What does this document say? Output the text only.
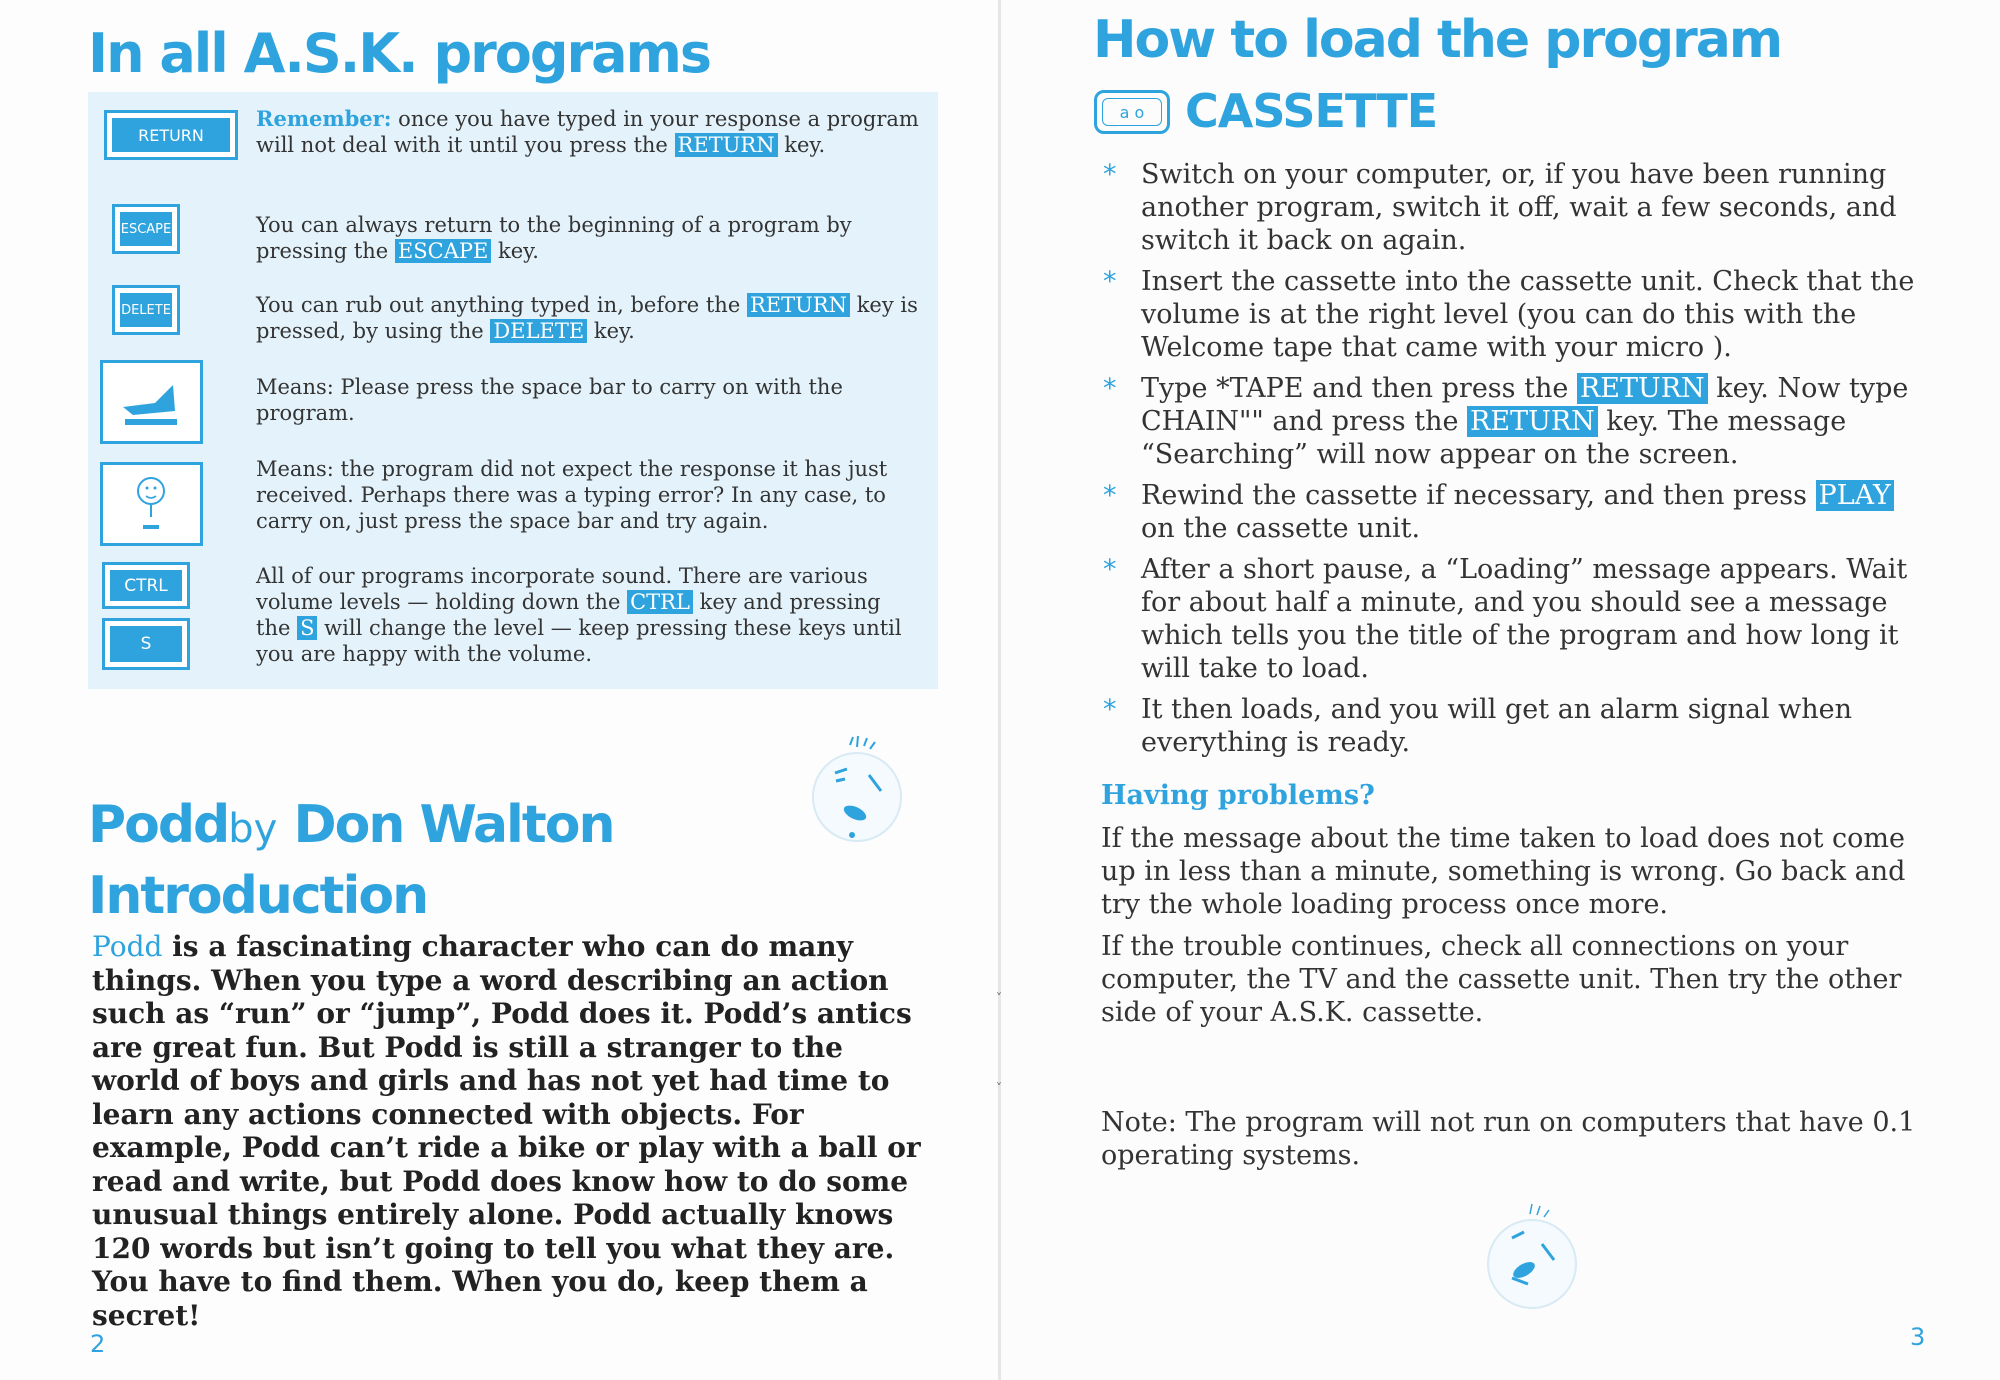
˅
˅
In all A.S.K. programs
RETURN
ESCAPE
DELETE
CTRL
S

Remember: once you have typed in your response a program will not deal with it until you press the RETURN key.

You can always return to the beginning of a program by pressing the ESCAPE key.

You can rub out anything typed in, before the RETURN key is pressed, by using the DELETE key.

Means: Please press the space bar to carry on with the program.

Means: the program did not expect the response it has just received. Perhaps there was a typing error? In any case, to carry on, just press the space bar and try again.

All of our programs incorporate sound. There are various volume levels — holding down the CTRL key and pressing the S will change the level — keep pressing these keys until you are happy with the volume.

Poddby Don Walton
Introduction

Podd is a fascinating character who can do many things. When you type a word describing an action such as “run” or “jump”, Podd does it. Podd’s antics are great fun. But Podd is still a stranger to the world of boys and girls and has not yet had time to learn any actions connected with objects. For example, Podd can’t ride a bike or play with a ball or read and write, but Podd does know how to do some unusual things entirely alone. Podd actually knows 120 words but isn’t going to tell you what they are. You have to find them. When you do, keep them a secret!

2
How to load the program
a o CASSETTE
* Switch on your computer, or, if you have been running another program, switch it off, wait a few seconds, and switch it back on again.
* Insert the cassette into the cassette unit. Check that the volume is at the right level (you can do this with the Welcome tape that came with your micro ).
* Type *TAPE and then press the RETURN key. Now type CHAIN"" and press the RETURN key. The message “Searching” will now appear on the screen.
* Rewind the cassette if necessary, and then press PLAY on the cassette unit.
* After a short pause, a “Loading” message appears. Wait for about half a minute, and you should see a message which tells you the title of the program and how long it will take to load.
* It then loads, and you will get an alarm signal when everything is ready.
Having problems?

If the message about the time taken to load does not come up in less than a minute, something is wrong. Go back and try the whole loading process once more.

If the trouble continues, check all connections on your computer, the TV and the cassette unit. Then try the other side of your A.S.K. cassette.

Note: The program will not run on computers that have 0.1 operating systems.

3
